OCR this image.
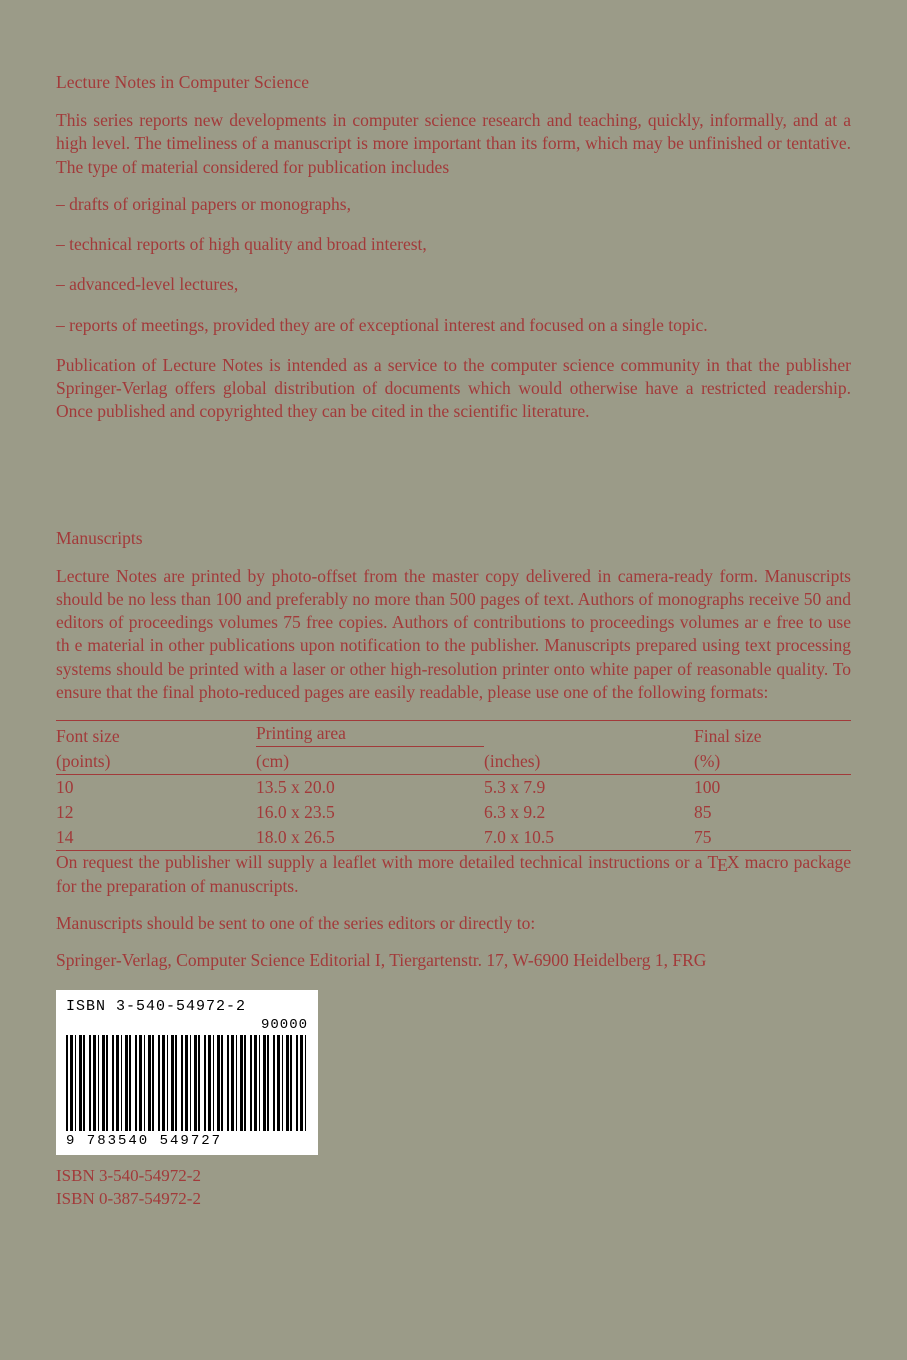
Lecture Notes in Computer Science

This series reports new developments in computer science research and teaching, quickly, informally, and at a high level. The timeliness of a manuscript is more important than its form, which may be unfinished or tentative. The type of material considered for publication includes

– drafts of original papers or monographs,
– technical reports of high quality and broad interest,
– advanced-level lectures,
– reports of meetings, provided they are of exceptional interest and focused on a single topic.

Publication of Lecture Notes is intended as a service to the computer science community in that the publisher Springer-Verlag offers global distribution of documents which would otherwise have a restricted readership. Once published and copyrighted they can be cited in the scientific literature.

Manuscripts

Lecture Notes are printed by photo-offset from the master copy delivered in camera-ready form. Manuscripts should be no less than 100 and preferably no more than 500 pages of text. Authors of monographs receive 50 and editors of proceedings volumes 75 free copies. Authors of contributions to proceedings volumes ar e free to use th e material in other publications upon notification to the publisher. Manuscripts prepared using text processing systems should be printed with a laser or other high-resolution printer onto white paper of reasonable quality. To ensure that the final photo-reduced pages are easily readable, please use one of the following formats:

Font size	Printing area		Final size
(points)	(cm)	(inches)	(%)
10	13.5 x 20.0	5.3 x 7.9	100
12	16.0 x 23.5	6.3 x 9.2	85
14	18.0 x 26.5	7.0 x 10.5	75

On request the publisher will supply a leaflet with more detailed technical instructions or a TEX macro package for the preparation of manuscripts.

Manuscripts should be sent to one of the series editors or directly to:

Springer-Verlag, Computer Science Editorial I, Tiergartenstr. 17, W-6900 Heidelberg 1, FRG

ISBN 3-540-54972-2
90000
9 783540 549727
ISBN 3-540-54972-2
ISBN 0-387-54972-2
